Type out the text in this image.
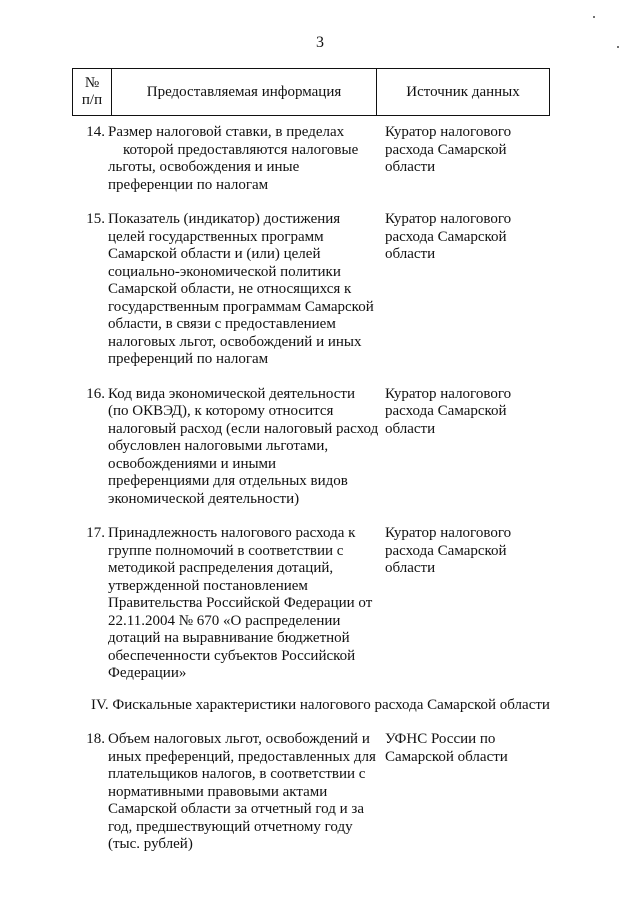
3
№
п/п
Предоставляемая информация	Источник данных
14. Размер налоговой ставки, в пределах
которой предоставляются налоговые
льготы, освобождения и иные
преференции по налогам
Куратор налогового
расхода Самарской
области
15. Показатель (индикатор) достижения
целей государственных программ
Самарской области и (или) целей
социально-экономической политики
Самарской области, не относящихся к
государственным программам Самарской
области, в связи с предоставлением
налоговых льгот, освобождений и иных
преференций по налогам
Куратор налогового
расхода Самарской
области
16. Код вида экономической деятельности
(по ОКВЭД), к которому относится
налоговый расход (если налоговый расход
обусловлен налоговыми льготами,
освобождениями и иными
преференциями для отдельных видов
экономической деятельности)
Куратор налогового
расхода Самарской
области
17. Принадлежность налогового расхода к
группе полномочий в соответствии с
методикой распределения дотаций,
утвержденной постановлением
Правительства Российской Федерации от
22.11.2004 № 670 «О распределении
дотаций на выравнивание бюджетной
обеспеченности субъектов Российской
Федерации»
Куратор налогового
расхода Самарской
области
IV. Фискальные характеристики налогового расхода Самарской области
18. Объем налоговых льгот, освобождений и
иных преференций, предоставленных для
плательщиков налогов, в соответствии с
нормативными правовыми актами
Самарской области за отчетный год и за
год, предшествующий отчетному году
(тыс. рублей)
УФНС России по
Самарской области
